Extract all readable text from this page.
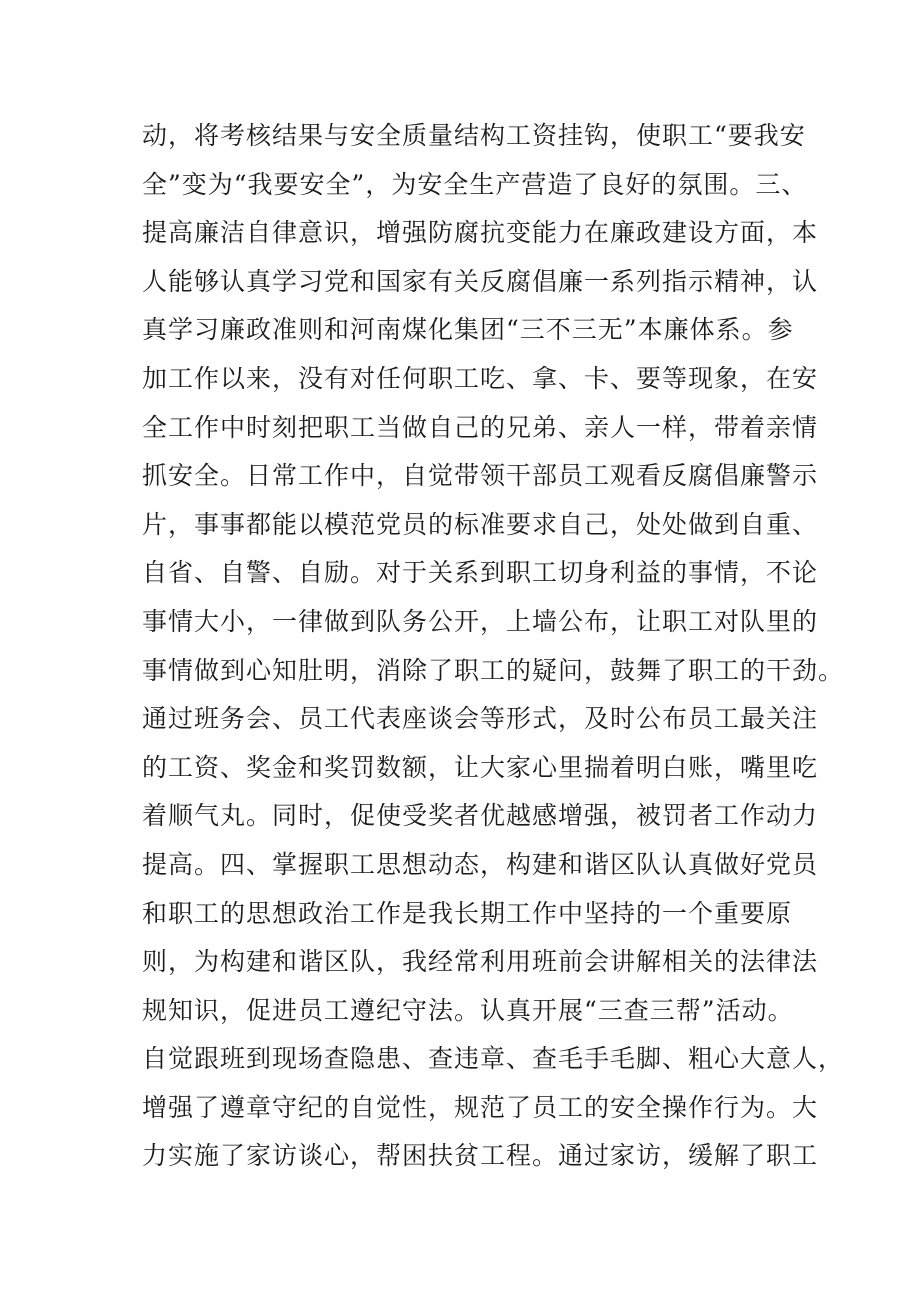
动，将考核结果与安全质量结构工资挂钩，使职工“要我安
全”变为“我要安全”，为安全生产营造了良好的氛围。三、
提高廉洁自律意识，增强防腐抗变能力在廉政建设方面，本
人能够认真学习党和国家有关反腐倡廉一系列指示精神，认
真学习廉政准则和河南煤化集团“三不三无”本廉体系。参
加工作以来，没有对任何职工吃、拿、卡、要等现象，在安
全工作中时刻把职工当做自己的兄弟、亲人一样，带着亲情
抓安全。日常工作中，自觉带领干部员工观看反腐倡廉警示
片，事事都能以模范党员的标准要求自己，处处做到自重、
自省、自警、自励。对于关系到职工切身利益的事情，不论
事情大小，一律做到队务公开，上墙公布，让职工对队里的
事情做到心知肚明，消除了职工的疑问，鼓舞了职工的干劲。
通过班务会、员工代表座谈会等形式，及时公布员工最关注
的工资、奖金和奖罚数额，让大家心里揣着明白账，嘴里吃
着顺气丸。同时，促使受奖者优越感增强，被罚者工作动力
提高。四、掌握职工思想动态，构建和谐区队认真做好党员
和职工的思想政治工作是我长期工作中坚持的一个重要原
则，为构建和谐区队，我经常利用班前会讲解相关的法律法
规知识，促进员工遵纪守法。认真开展“三查三帮”活动。
自觉跟班到现场查隐患、查违章、查毛手毛脚、粗心大意人，
增强了遵章守纪的自觉性，规范了员工的安全操作行为。大
力实施了家访谈心，帮困扶贫工程。通过家访，缓解了职工
